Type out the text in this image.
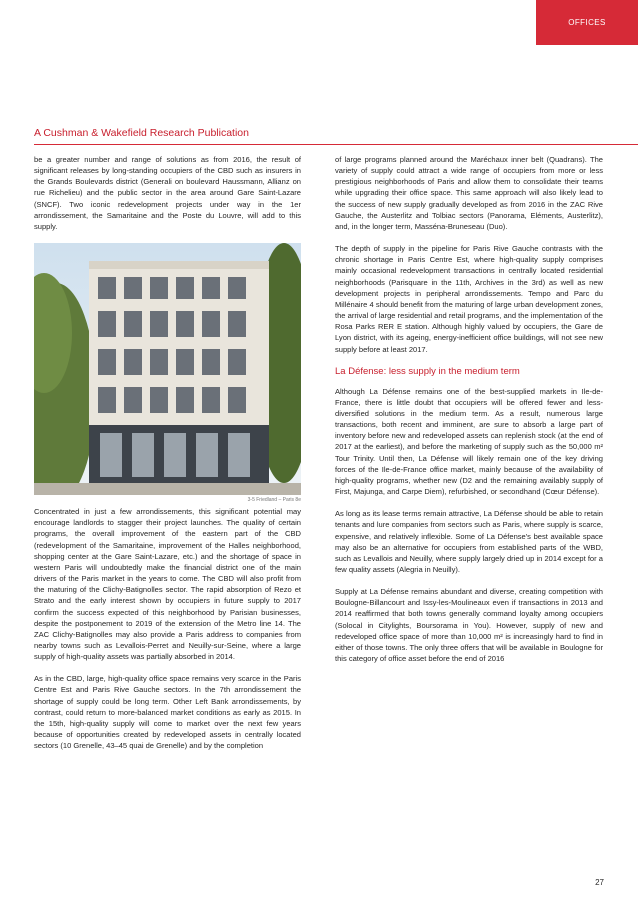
OFFICES
A Cushman & Wakefield Research Publication

be a greater number and range of solutions as from 2016, the result of significant releases by long-standing occupiers of the CBD such as insurers in the Grands Boulevards district (Generali on boulevard Haussmann, Allianz on rue Richelieu) and the public sector in the area around Gare Saint-Lazare (SNCF). Two iconic redevelopment projects under way in the 1er arrondissement, the Samaritaine and the Poste du Louvre, will add to this supply.

3-5 Friedland – Paris 8e

Concentrated in just a few arrondissements, this significant potential may encourage landlords to stagger their project launches. The quality of certain programs, the overall improvement of the eastern part of the CBD (redevelopment of the Samaritaine, improvement of the Halles neighborhood, shopping center at the Gare Saint-Lazare, etc.) and the shortage of space in western Paris will undoubtedly make the financial district one of the main drivers of the Paris market in the years to come. The CBD will also profit from the maturing of the Clichy-Batignolles sector. The rapid absorption of Rezo et Strato and the early interest shown by occupiers in future supply to 2017 confirm the success expected of this neighborhood by Parisian businesses, despite the postponement to 2019 of the extension of the Metro line 14. The ZAC Clichy-Batignolles may also provide a Paris address to companies from nearby towns such as Levallois-Perret and Neuilly-sur-Seine, where a large supply of high-quality assets was partially absorbed in 2014.

As in the CBD, large, high-quality office space remains very scarce in the Paris Centre Est and Paris Rive Gauche sectors. In the 7th arrondissement the shortage of supply could be long term. Other Left Bank arrondissements, by contrast, could return to more-balanced market conditions as early as 2015. In the 15th, high-quality supply will come to market over the next few years because of opportunities created by redeveloped assets in centrally located sectors (10 Grenelle, 43–45 quai de Grenelle) and by the completion

of large programs planned around the Maréchaux inner belt (Quadrans). The variety of supply could attract a wide range of occupiers from more or less prestigious neighborhoods of Paris and allow them to consolidate their teams while upgrading their office space. This same approach will also likely lead to the success of new supply gradually developed as from 2016 in the ZAC Rive Gauche, the Austerlitz and Tolbiac sectors (Panorama, Eléments, Austerlitz), and, in the longer term, Masséna-Bruneseau (Duo).

The depth of supply in the pipeline for Paris Rive Gauche contrasts with the chronic shortage in Paris Centre Est, where high-quality supply comprises mainly occasional redevelopment transactions in centrally located residential neighborhoods (Parisquare in the 11th, Archives in the 3rd) as well as new development projects in peripheral arrondissements. Tempo and Parc du Millénaire 4 should benefit from the maturing of large urban development zones, the arrival of large residential and retail programs, and the implementation of the Rosa Parks RER E station. Although highly valued by occupiers, the Gare de Lyon district, with its ageing, energy-inefficient office buildings, will not see new supply before at least 2017.

La Défense: less supply in the medium term

Although La Défense remains one of the best-supplied markets in Ile-de-France, there is little doubt that occupiers will be offered fewer and less-diversified solutions in the medium term. As a result, numerous large transactions, both recent and imminent, are sure to absorb a large part of inventory before new and redeveloped assets can replenish stock (at the end of 2017 at the earliest), and before the marketing of supply such as the 50,000 m² Tour Trinity. Until then, La Défense will likely remain one of the key driving forces of the Ile-de-France office market, mainly because of the availability of high-quality programs, whether new (D2 and the remaining availably supply of First, Majunga, and Carpe Diem), refurbished, or secondhand (Cœur Défense).

As long as its lease terms remain attractive, La Défense should be able to retain tenants and lure companies from sectors such as Paris, where supply is scarce, expensive, and relatively inflexible. Some of La Défense's best available space may also be an alternative for occupiers from established parts of the WBD, such as Levallois and Neuilly, where supply largely dried up in 2014 except for a few quality assets (Alegria in Neuilly).

Supply at La Défense remains abundant and diverse, creating competition with Boulogne-Billancourt and Issy-les-Moulineaux even if transactions in 2013 and 2014 reaffirmed that both towns generally command loyalty among occupiers (Solocal in Citylights, Boursorama in You). However, supply of new and redeveloped office space of more than 10,000 m² is increasingly hard to find in either of those towns. The only three offers that will be available in Boulogne for this category of office asset before the end of 2016

27
